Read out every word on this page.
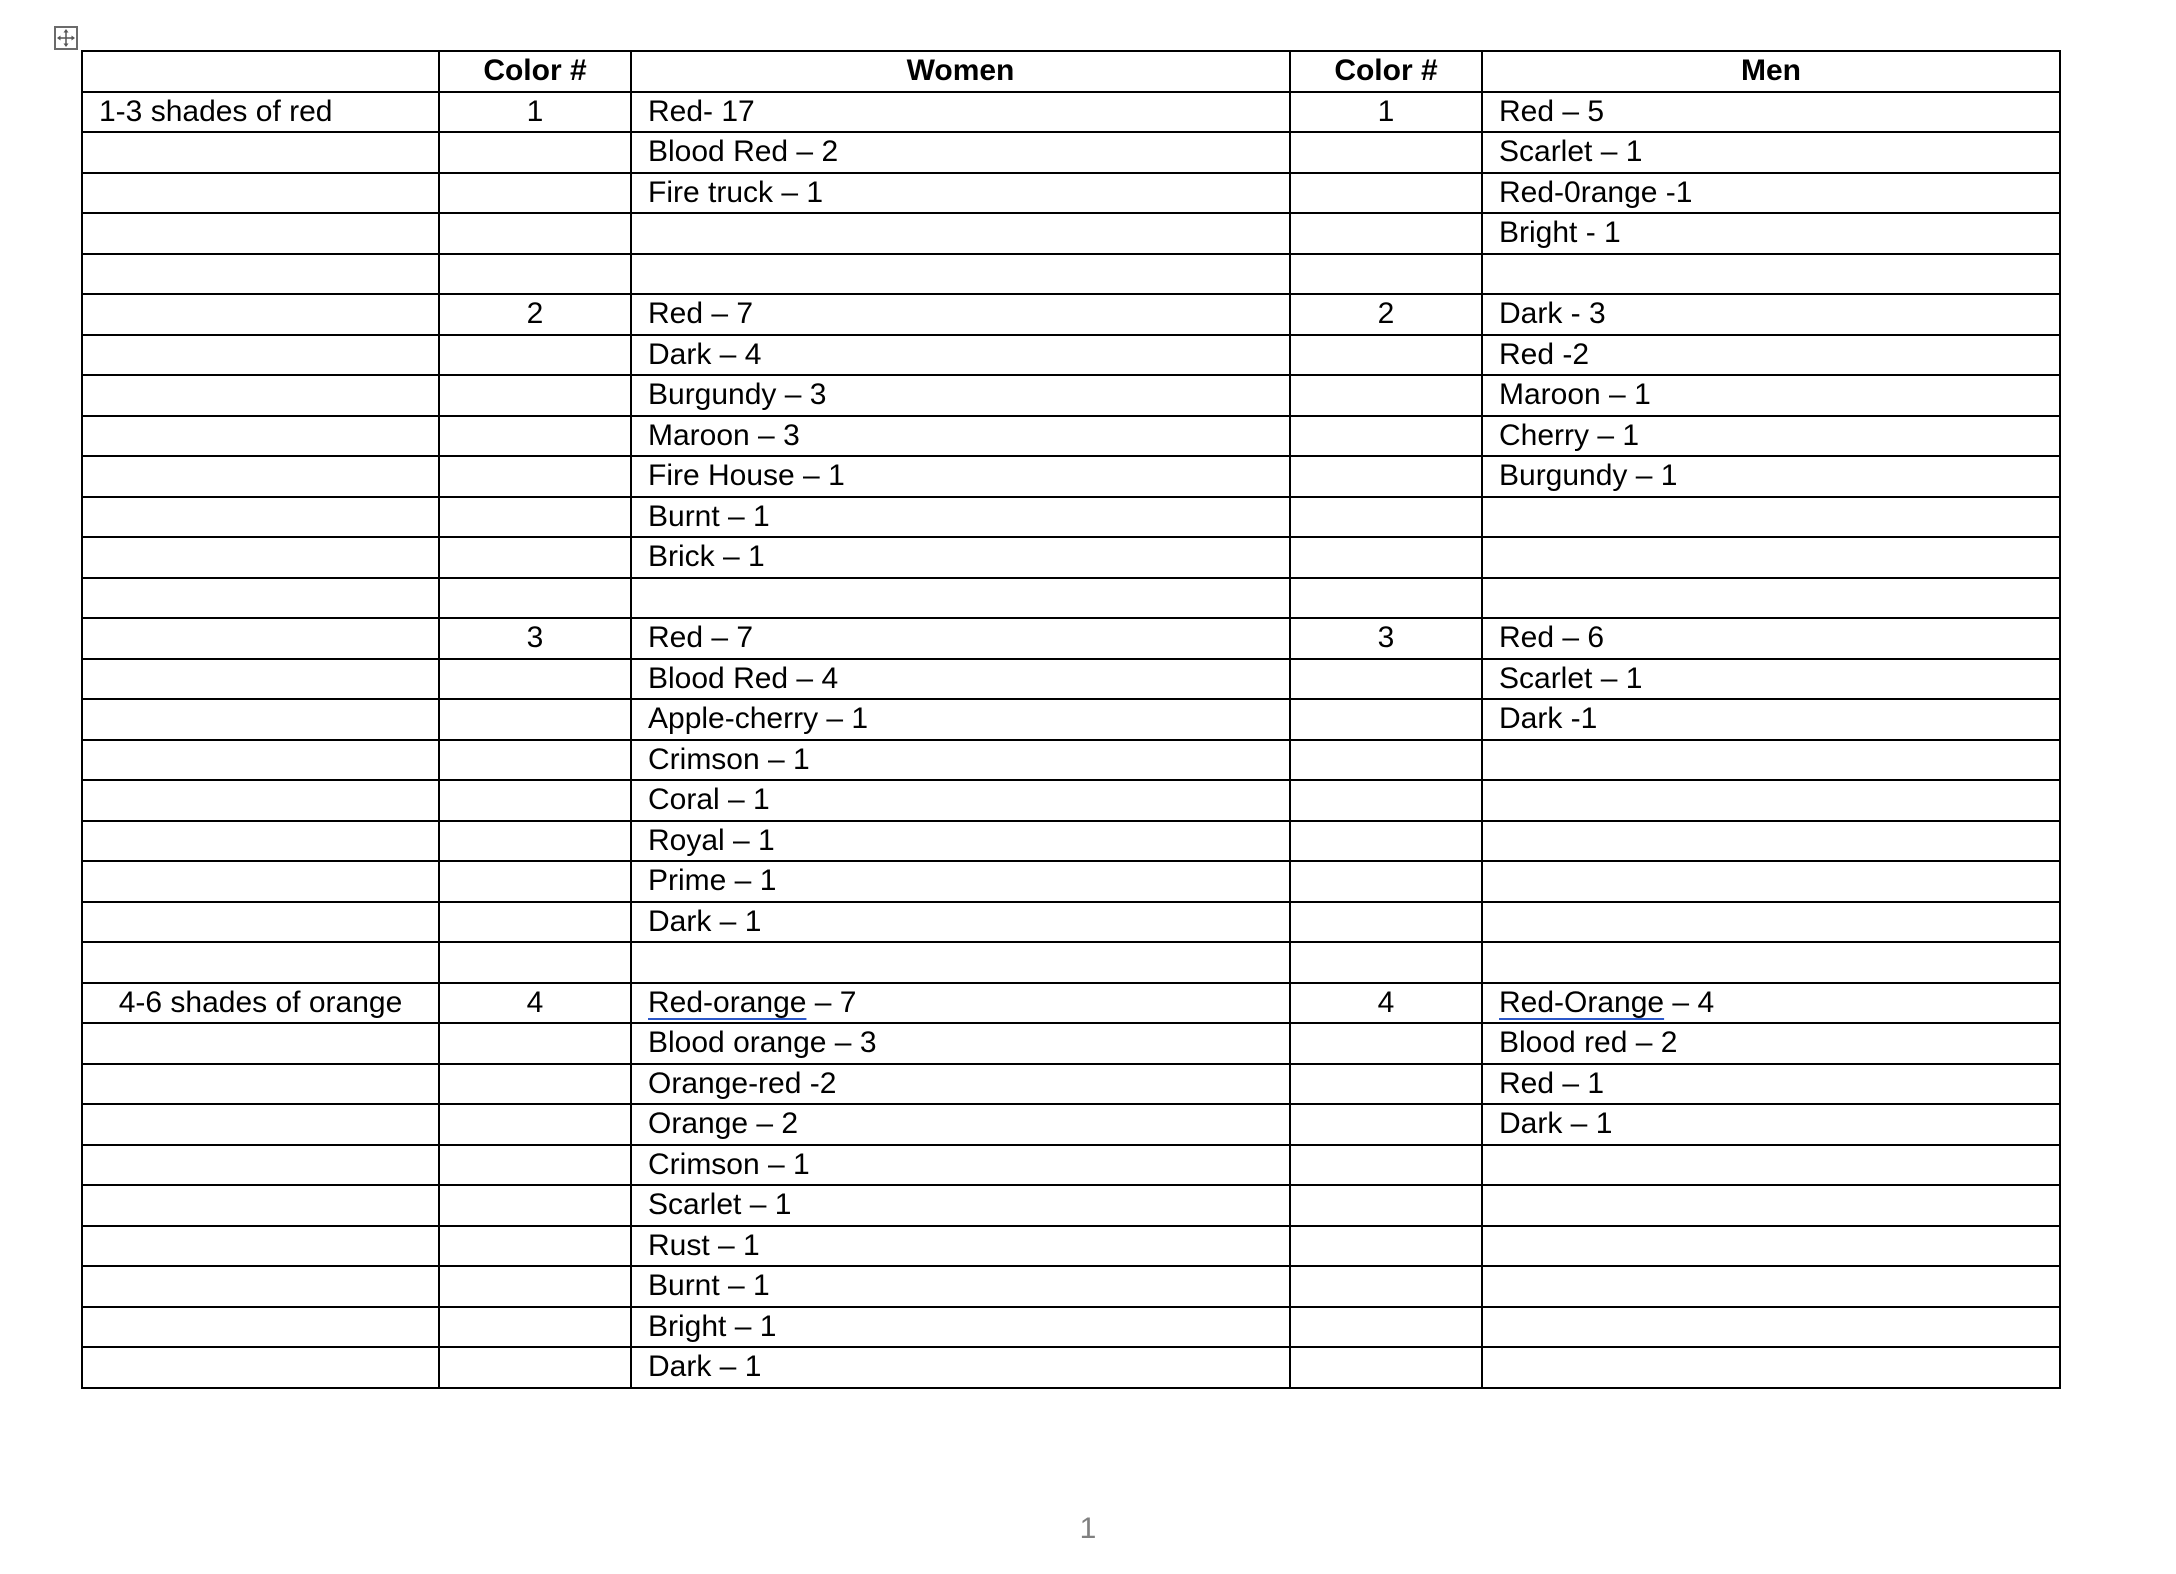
	Color #	Women	Color #	Men
1-3 shades of red	1	Red- 17	1	Red – 5
		Blood Red – 2		Scarlet – 1
		Fire truck – 1		Red-0range -1
				Bright - 1

	2	Red – 7	2	Dark - 3
		Dark – 4		Red -2
		Burgundy – 3		Maroon – 1
		Maroon – 3		Cherry – 1
		Fire House – 1		Burgundy – 1
		Burnt – 1		
		Brick – 1		

	3	Red – 7	3	Red – 6
		Blood Red – 4		Scarlet – 1
		Apple-cherry – 1		Dark -1
		Crimson – 1		
		Coral – 1		
		Royal – 1		
		Prime – 1		
		Dark – 1		

4-6 shades of orange	4	Red-orange – 7	4	Red-Orange – 4
		Blood orange – 3		Blood red – 2
		Orange-red -2		Red – 1
		Orange – 2		Dark – 1
		Crimson – 1		
		Scarlet – 1		
		Rust – 1		
		Burnt – 1		
		Bright – 1		
		Dark – 1		
1
